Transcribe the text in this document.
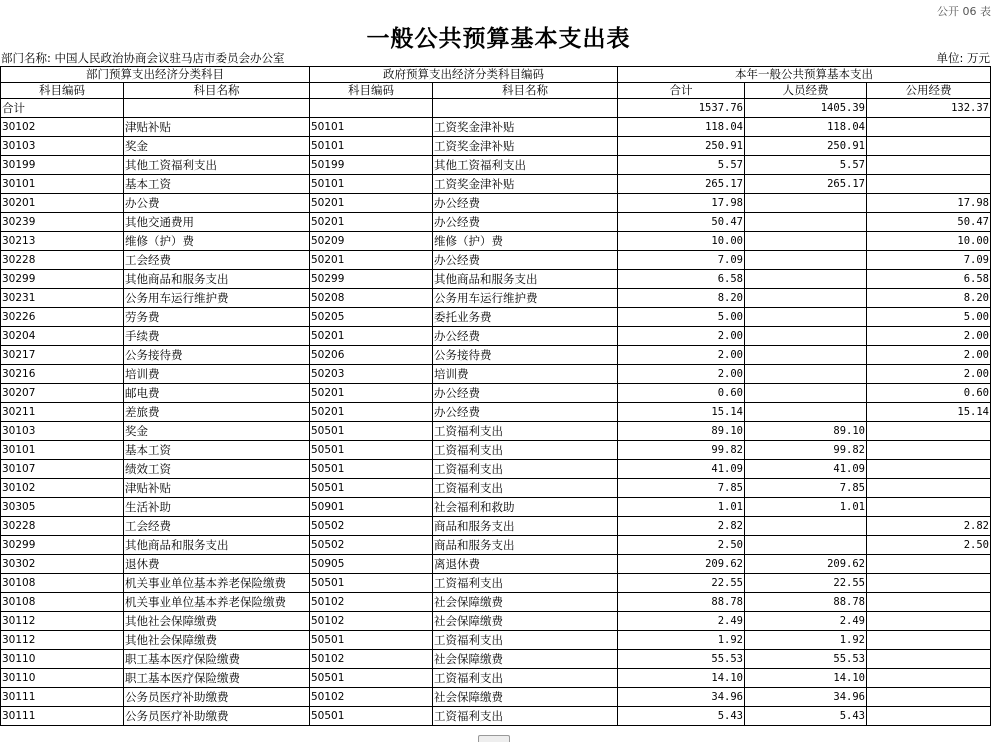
公开 06 表
一般公共预算基本支出表
部门名称: 中国人民政治协商会议驻马店市委员会办公室	单位: 万元
部门预算支出经济分类科目		政府预算支出经济分类科目编码		本年一般公共预算基本支出		
科目编码	科目名称	科目编码	科目名称	合计	人员经费	公用经费
合计				1537.76	1405.39	132.37
30102	津贴补贴	50101	工资奖金津补贴	118.04	118.04	
30103	奖金	50101	工资奖金津补贴	250.91	250.91	
30199	其他工资福利支出	50199	其他工资福利支出	5.57	5.57	
30101	基本工资	50101	工资奖金津补贴	265.17	265.17	
30201	办公费	50201	办公经费	17.98		17.98
30239	其他交通费用	50201	办公经费	50.47		50.47
30213	维修（护）费	50209	维修（护）费	10.00		10.00
30228	工会经费	50201	办公经费	7.09		7.09
30299	其他商品和服务支出	50299	其他商品和服务支出	6.58		6.58
30231	公务用车运行维护费	50208	公务用车运行维护费	8.20		8.20
30226	劳务费	50205	委托业务费	5.00		5.00
30204	手续费	50201	办公经费	2.00		2.00
30217	公务接待费	50206	公务接待费	2.00		2.00
30216	培训费	50203	培训费	2.00		2.00
30207	邮电费	50201	办公经费	0.60		0.60
30211	差旅费	50201	办公经费	15.14		15.14
30103	奖金	50501	工资福利支出	89.10	89.10	
30101	基本工资	50501	工资福利支出	99.82	99.82	
30107	绩效工资	50501	工资福利支出	41.09	41.09	
30102	津贴补贴	50501	工资福利支出	7.85	7.85	
30305	生活补助	50901	社会福利和救助	1.01	1.01	
30228	工会经费	50502	商品和服务支出	2.82		2.82
30299	其他商品和服务支出	50502	商品和服务支出	2.50		2.50
30302	退休费	50905	离退休费	209.62	209.62	
30108	机关事业单位基本养老保险缴费	50501	工资福利支出	22.55	22.55	
30108	机关事业单位基本养老保险缴费	50102	社会保障缴费	88.78	88.78	
30112	其他社会保障缴费	50102	社会保障缴费	2.49	2.49	
30112	其他社会保障缴费	50501	工资福利支出	1.92	1.92	
30110	职工基本医疗保险缴费	50102	社会保障缴费	55.53	55.53	
30110	职工基本医疗保险缴费	50501	工资福利支出	14.10	14.10	
30111	公务员医疗补助缴费	50102	社会保障缴费	34.96	34.96	
30111	公务员医疗补助缴费	50501	工资福利支出	5.43	5.43	
